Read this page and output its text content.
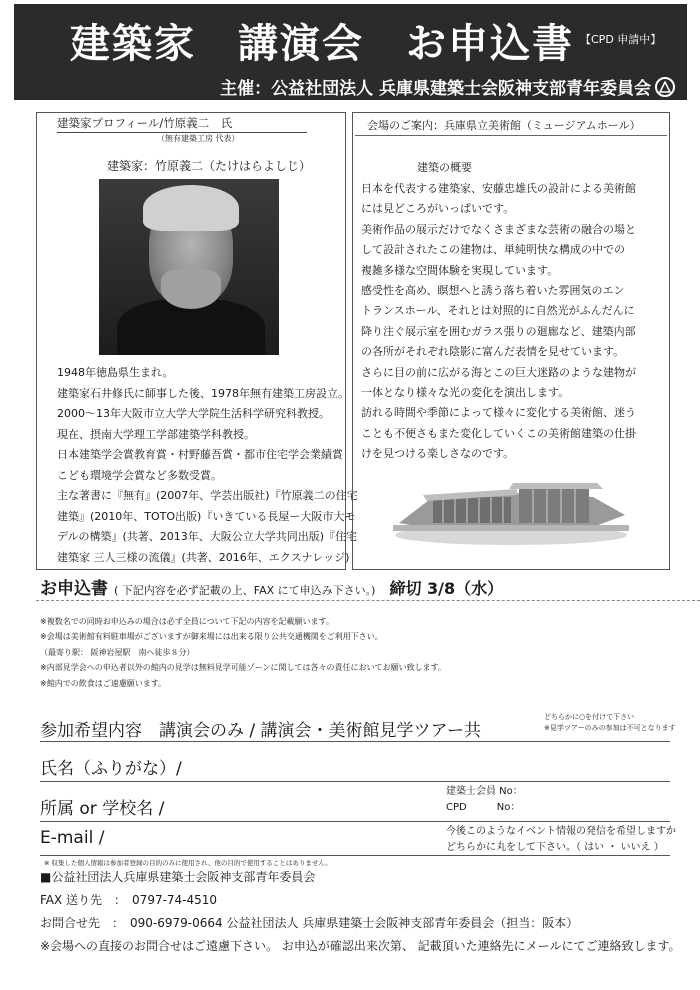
建築家　講演会　お申込書 【CPD 申請中】
主催：公益社団法人 兵庫県建築士会阪神支部青年委員会
建築家プロフィール/竹原義二　氏
（無有建築工房 代表）
建築家：竹原義二（たけはらよしじ）

1948年徳島県生まれ。

建築家石井修氏に師事した後、1978年無有建築工房設立。

2000～13年大阪市立大学大学院生活科学研究科教授。

現在、摂南大学理工学部建築学科教授。

日本建築学会賞教育賞・村野藤吾賞・都市住宅学会業績賞

こども環境学会賞など多数受賞。

主な著書に『無有』(2007年、学芸出版社)『竹原義二の住宅

建築』(2010年、TOTO出版)『いきている長屋ー大阪市大モ

デルの構築』(共著、2013年、大阪公立大学共同出版)『住宅

建築家 三人三様の流儀』(共著、2016年、エクスナレッジ)

会場のご案内：兵庫県立美術館（ミュージアムホール）
建築の概要

日本を代表する建築家、安藤忠雄氏の設計による美術館

には見どころがいっぱいです。

美術作品の展示だけでなくさまざまな芸術の融合の場と

して設計されたこの建物は、単純明快な構成の中での

複雑多様な空間体験を実現しています。

感受性を高め、瞑想へと誘う落ち着いた雰囲気のエン

トランスホール、それとは対照的に自然光がふんだんに

降り注ぐ展示室を囲むガラス張りの廻廊など、建築内部

の各所がそれぞれ陰影に富んだ表情を見せています。

さらに目の前に広がる海とこの巨大迷路のような建物が

一体となり様々な光の変化を演出します。

訪れる時間や季節によって様々に変化する美術館、迷う

ことも不便さもまた変化していくこの美術館建築の仕掛

けを見つける楽しさなのです。

お申込書 ( 下記内容を必ず記載の上、FAX にて申込み下さい。) 締切 3/8（水）

※複数名での同時お申込みの場合は必ず全員について下記の内容を記載願います。

※会場は美術館有料駐車場がございますが御来場には出来る限り公共交通機関をご利用下さい。

（最寄り駅： 阪神岩屋駅　南へ徒歩８分）

※内部見学会への申込者以外の館内の見学は無料見学可能ゾーンに関しては各々の責任においてお願い致します。

※館内での飲食はご遠慮願います。

参加希望内容　講演会のみ / 講演会・美術館見学ツアー共
どちらかに○を付けて下さい
※見学ツアーのみの参加は不可となります
氏名（ふりがな）/
所属 or 学校名 /
建築士会員 No：
CPD　　　No：
E-mail /	今後このようなイベント情報の発信を希望しますか
どちらかに丸をして下さい。（ はい ・ いいえ ）
※ 収集した個人情報は参加者登録の目的のみに使用され、他の目的で使用することはありません。

■公益社団法人兵庫県建築士会阪神支部青年委員会

FAX 送り先　：　0797-74-4510

お問合せ先　：　090-6979-0664 公益社団法人 兵庫県建築士会阪神支部青年委員会（担当：阪本）

※会場への直接のお問合せはご遠慮下さい。 お申込が確認出来次第、 記載頂いた連絡先にメールにてご連絡致します。
